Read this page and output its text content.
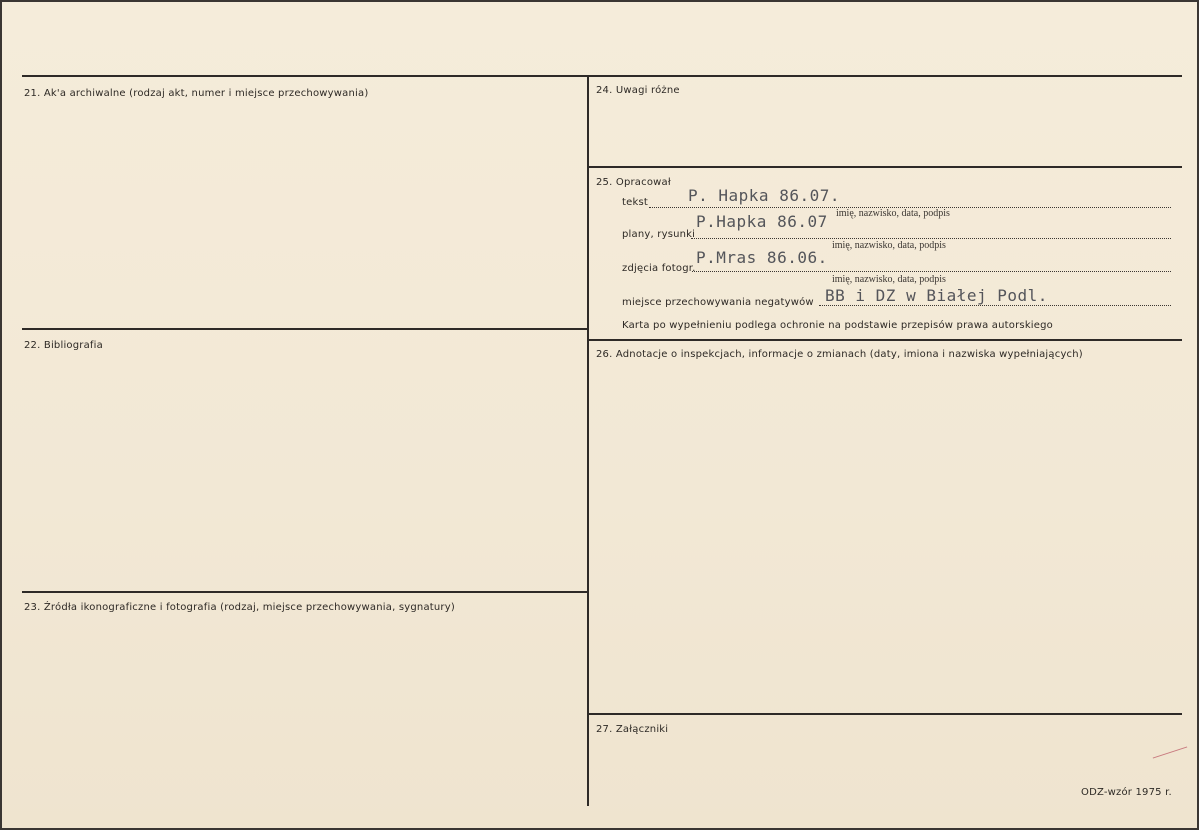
21. Ak'a archiwalne (rodzaj akt, numer i miejsce przechowywania)
22. Bibliografia
23. Źródła ikonograficzne i fotografia (rodzaj, miejsce przechowywania, sygnatury)
24. Uwagi różne
25. Opracował
tekst	P. Hapka 86.07.
imię, nazwisko, data, podpis
plany, rysunki
P.Hapka 86.07
imię, nazwisko, data, podpis
zdjęcia fotogr.
P.Mras 86.06.
imię, nazwisko, data, podpis
miejsce przechowywania negatywów BB i DZ w Białej Podl.
Karta po wypełnieniu podlega ochronie na podstawie przepisów prawa autorskiego
26. Adnotacje o inspekcjach, informacje o zmianach (daty, imiona i nazwiska wypełniających)
27. Załączniki
ODZ-wzór 1975 r.
